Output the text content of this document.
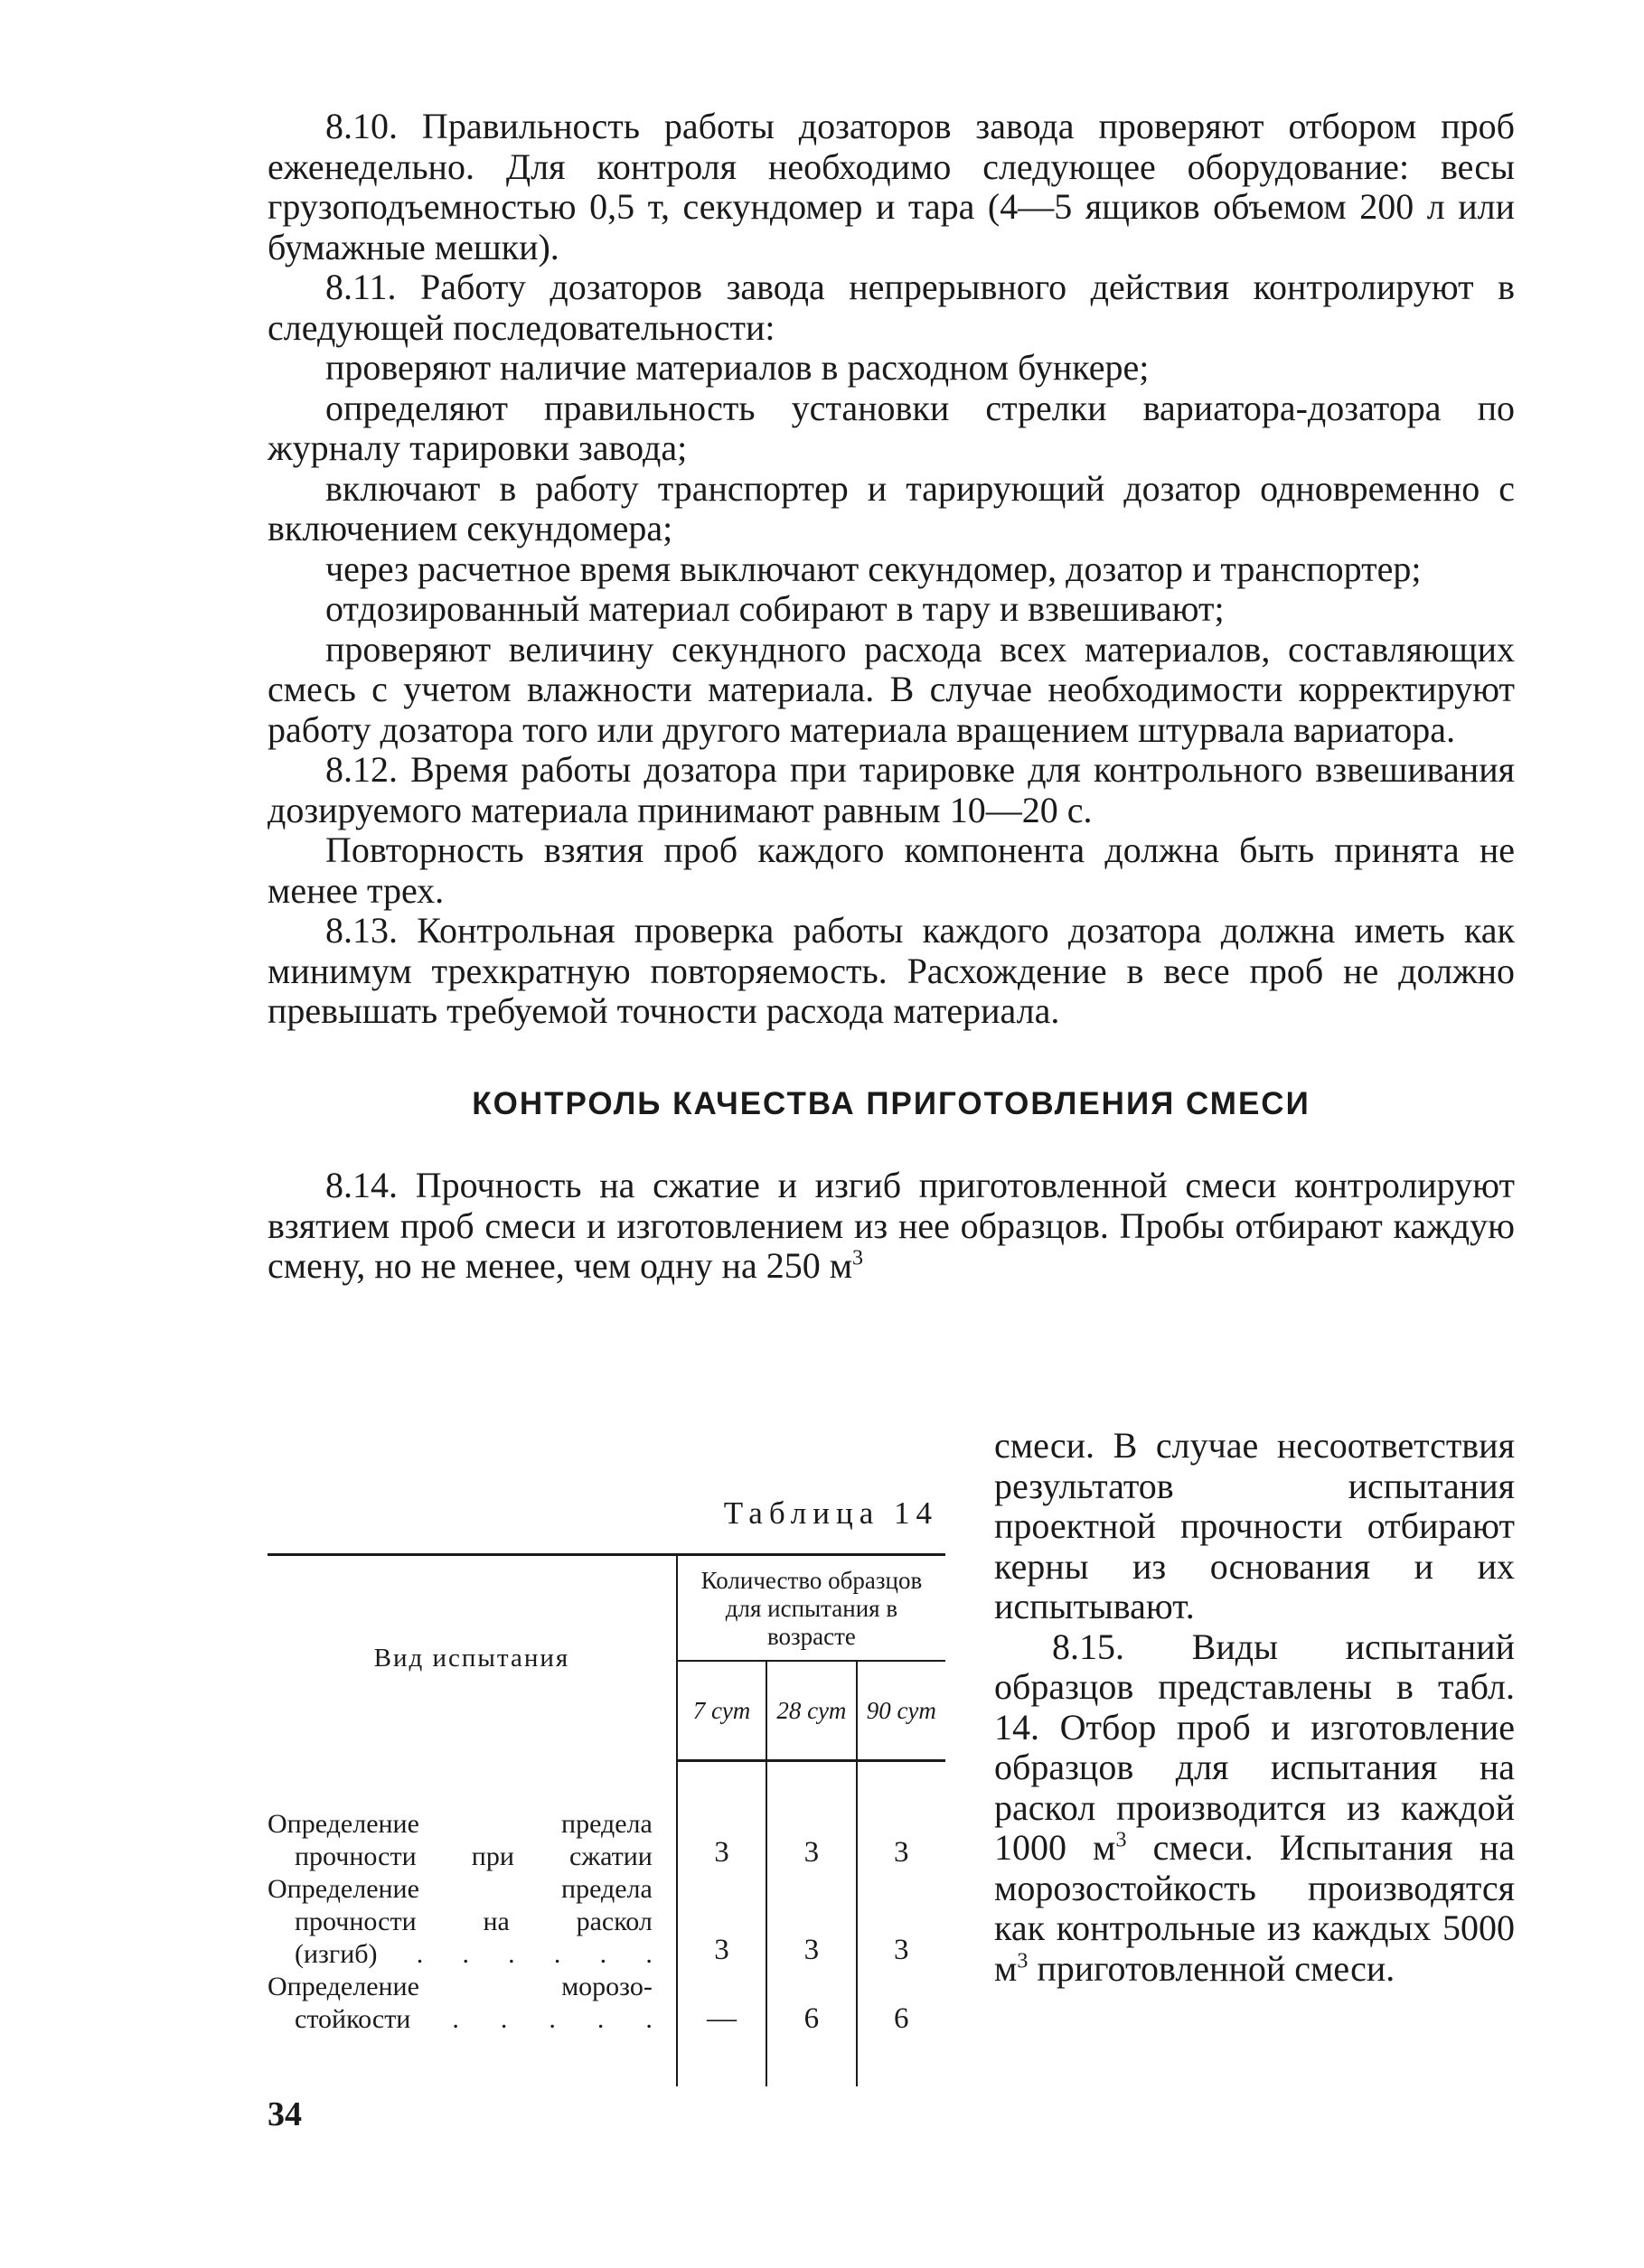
8.10. Правильность работы дозаторов завода проверяют отбором проб еженедельно. Для контроля необходимо следующее оборудование: весы грузоподъемностью 0,5 т, секундомер и тара (4—5 ящиков объемом 200 л или бумажные мешки).

8.11. Работу дозаторов завода непрерывного действия контролируют в следующей последовательности:

проверяют наличие материалов в расходном бункере;

определяют правильность установки стрелки вариатора-дозатора по журналу тарировки завода;

включают в работу транспортер и тарирующий дозатор одновременно с включением секундомера;

через расчетное время выключают секундомер, дозатор и транспортер;

отдозированный материал собирают в тару и взвешивают;

проверяют величину секундного расхода всех материалов, составляющих смесь с учетом влажности материала. В случае необходимости корректируют работу дозатора того или другого материала вращением штурвала вариатора.

8.12. Время работы дозатора при тарировке для контрольного взвешивания дозируемого материала принимают равным 10—20 с.

Повторность взятия проб каждого компонента должна быть принята не менее трех.

8.13. Контрольная проверка работы каждого дозатора должна иметь как минимум трехкратную повторяемость. Расхождение в весе проб не должно превышать требуемой точности расхода материала.

КОНТРОЛЬ КАЧЕСТВА ПРИГОТОВЛЕНИЯ СМЕСИ

8.14. Прочность на сжатие и изгиб приготовленной смеси контролируют взятием проб смеси и изготовлением из нее образцов. Пробы отбирают каждую смену, но не менее, чем одну на 250 $м^3$

смеси. В случае несоответствия результатов испытания проектной прочности отбирают керны из основания и их испытывают.

8.15. Виды испытаний образцов представлены в табл. 14. Отбор проб и изготовление образцов для испытания на раскол производится из каждой 1000 $м^3$ смеси. Испытания на морозостойкость производятся как контрольные из каждых 5000 $м^3$ приготовленной смеси.

Таблица 14
Вид испытания	Количество образцов для испытания в возрасте		
	7 сут	28 сут	90 сут

Определение предела
прочности при сжатии	3	3	3

Определение предела
прочности на раскол
(изгиб) . . . . . .	3	3	3

Определение морозо-
стойкости . . . . .	—	6	6
34
